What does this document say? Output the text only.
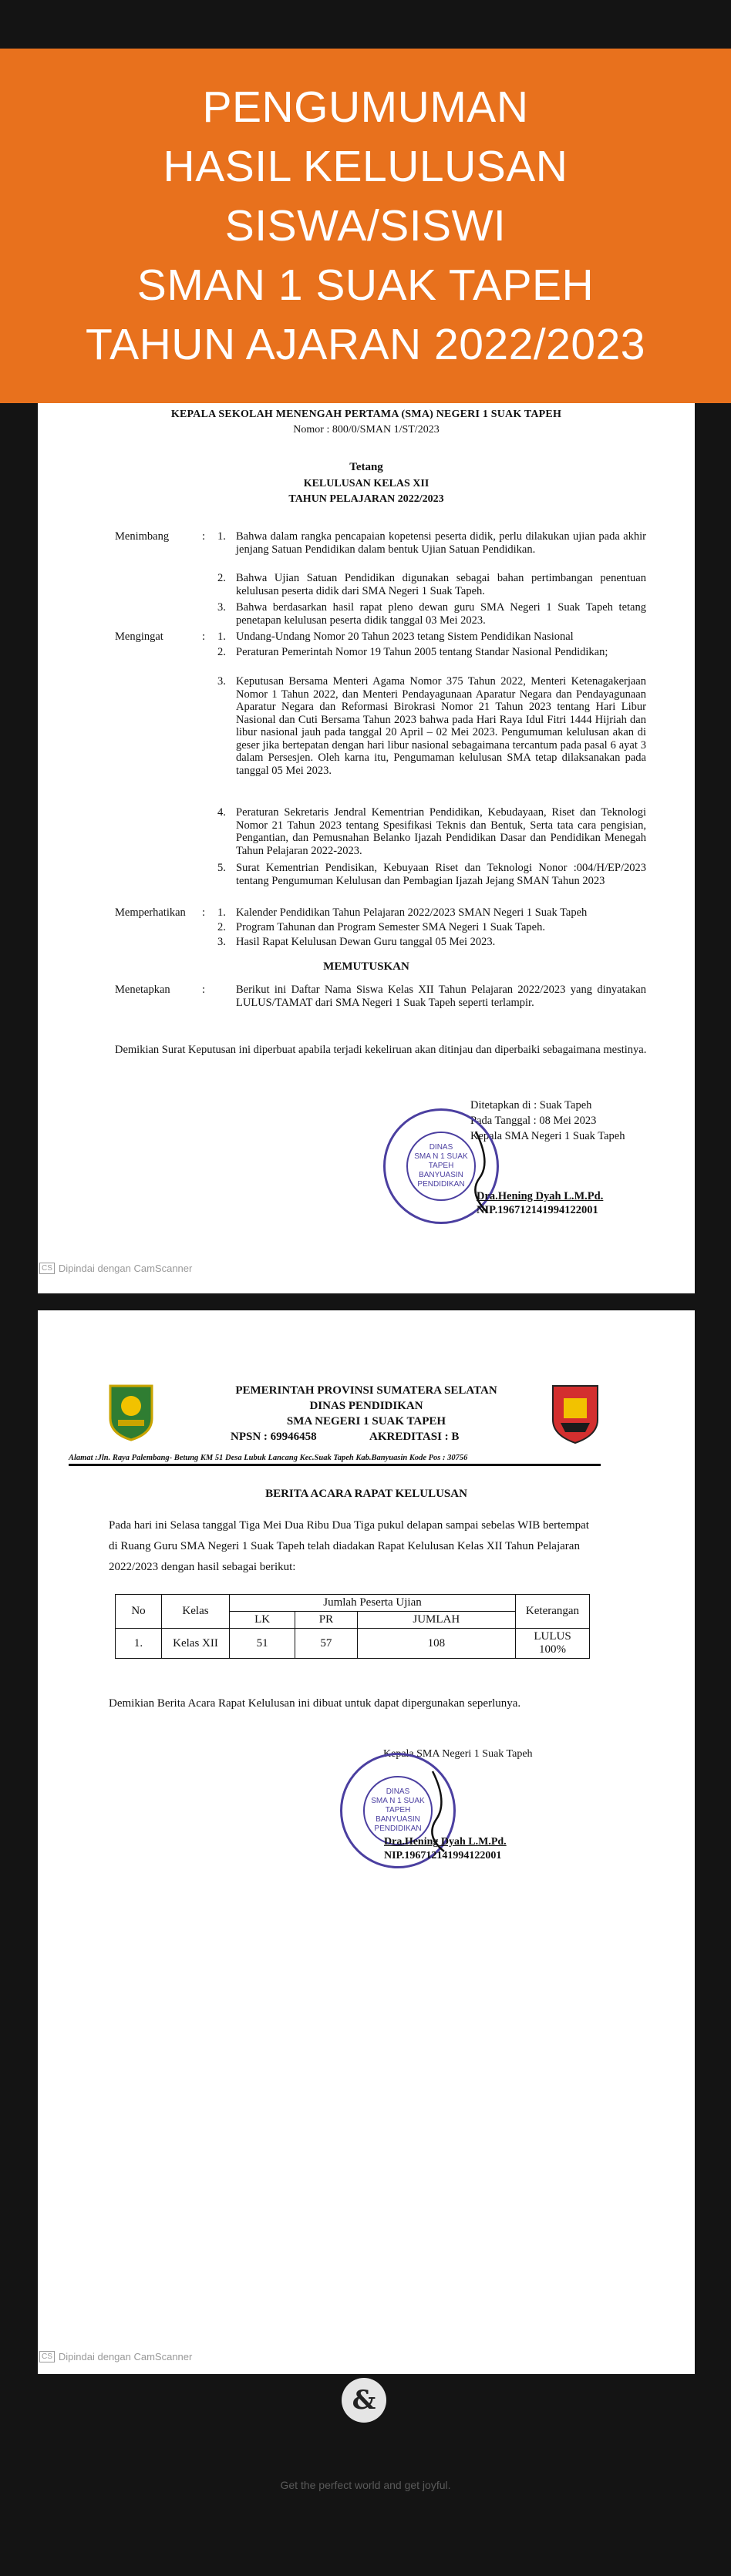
PENGUMUMAN
HASIL KELULUSAN
SISWA/SISWI
SMAN 1 SUAK TAPEH
TAHUN AJARAN 2022/2023
KEPALA SEKOLAH MENENGAH PERTAMA (SMA) NEGERI 1 SUAK TAPEH
Nomor : 800/0/SMAN 1/ST/2023
Tetang
KELULUSAN KELAS XII
TAHUN PELAJARAN 2022/2023
Menimbang	: 1. Bahwa dalam rangka pencapaian kopetensi peserta didik, perlu dilakukan ujian pada akhir jenjang Satuan Pendidikan dalam bentuk Ujian Satuan Pendidikan.
2. Bahwa Ujian Satuan Pendidikan digunakan sebagai bahan pertimbangan penentuan kelulusan peserta didik dari SMA Negeri 1 Suak Tapeh.
3. Bahwa berdasarkan hasil rapat pleno dewan guru SMA Negeri 1 Suak Tapeh tetang penetapan kelulusan peserta didik tanggal 03 Mei 2023.
Mengingat	: 1. Undang-Undang Nomor 20 Tahun 2023 tetang Sistem Pendidikan Nasional
2. Peraturan Pemerintah Nomor 19 Tahun 2005 tentang Standar Nasional Pendidikan;
3. Keputusan Bersama Menteri Agama Nomor 375 Tahun 2022, Menteri Ketenagakerjaan Nomor 1 Tahun 2022, dan Menteri Pendayagunaan Aparatur Negara dan Pendayagunaan Aparatur Negara dan Reformasi Birokrasi Nomor 21 Tahun 2023 tentang Hari Libur Nasional dan Cuti Bersama Tahun 2023 bahwa pada Hari Raya Idul Fitri 1444 Hijriah dan libur nasional jauh pada tanggal 20 April – 02 Mei 2023. Pengumuman kelulusan akan di geser jika bertepatan dengan hari libur nasional sebagaimana tercantum pada pasal 6 ayat 3 dalam Persesjen. Oleh karna itu, Pengumaman kelulusan SMA tetap dilaksanakan pada tanggal 05 Mei 2023.
4. Peraturan Sekretaris Jendral Kementrian Pendidikan, Kebudayaan, Riset dan Teknologi Nomor 21 Tahun 2023 tentang Spesifikasi Teknis dan Bentuk, Serta tata cara pengisian, Pengantian, dan Pemusnahan Belanko Ijazah Pendidikan Dasar dan Pendidikan Menegah Tahun Pelajaran 2022-2023.
5. Surat Kementrian Pendisikan, Kebuyaan Riset dan Teknologi Nonor :004/H/EP/2023 tentang Pengumuman Kelulusan dan Pembagian Ijazah Jejang SMAN Tahun 2023
Memperhatikan : 1. Kalender Pendidikan Tahun Pelajaran 2022/2023 SMAN Negeri 1 Suak Tapeh
2. Program Tahunan dan Program Semester SMA Negeri 1 Suak Tapeh.
3. Hasil Rapat Kelulusan Dewan Guru tanggal 05 Mei 2023.
MEMUTUSKAN
Menetapkan	:	Berikut ini Daftar Nama Siswa Kelas XII Tahun Pelajaran 2022/2023 yang dinyatakan LULUS/TAMAT dari SMA Negeri 1 Suak Tapeh seperti terlampir.
Demikian Surat Keputusan ini diperbuat apabila terjadi kekeliruan akan ditinjau dan diperbaiki sebagaimana mestinya.
Ditetapkan di : Suak Tapeh
Pada Tanggal : 08 Mei 2023
Kepala SMA Negeri 1 Suak Tapeh
DINAS
SMA N 1 SUAK TAPEH
BANYUASIN
PENDIDIKAN
Dra.Hening Dyah L.M.Pd.
NIP.196712141994122001
CS Dipindai dengan CamScanner
PEMERINTAH PROVINSI SUMATERA SELATAN
DINAS PENDIDIKAN
SMA NEGERI 1 SUAK TAPEH
NPSN : 69946458	AKREDITASI : B
Alamat :Jln. Raya Palembang- Betung KM 51 Desa Lubuk Lancang Kec.Suak Tapeh Kab.Banyuasin Kode Pos : 30756
BERITA ACARA RAPAT KELULUSAN
Pada hari ini Selasa tanggal Tiga Mei Dua Ribu Dua Tiga pukul delapan sampai sebelas WIB bertempat di Ruang Guru SMA Negeri 1 Suak Tapeh telah diadakan Rapat Kelulusan Kelas XII Tahun Pelajaran 2022/2023 dengan hasil sebagai berikut:
No	Kelas	Jumlah Peserta Ujian			Keterangan
		LK	PR	JUMLAH	
1.	Kelas XII	51	57	108	LULUS
100%
Demikian Berita Acara Rapat Kelulusan ini dibuat untuk dapat dipergunakan seperlunya.
Kepala SMA Negeri 1 Suak Tapeh
DINAS
SMA N 1 SUAK TAPEH
BANYUASIN
PENDIDIKAN
Dra.Hening Dyah L.M.Pd.
NIP.196712141994122001
CS Dipindai dengan CamScanner
&
Get the perfect world and get joyful.
